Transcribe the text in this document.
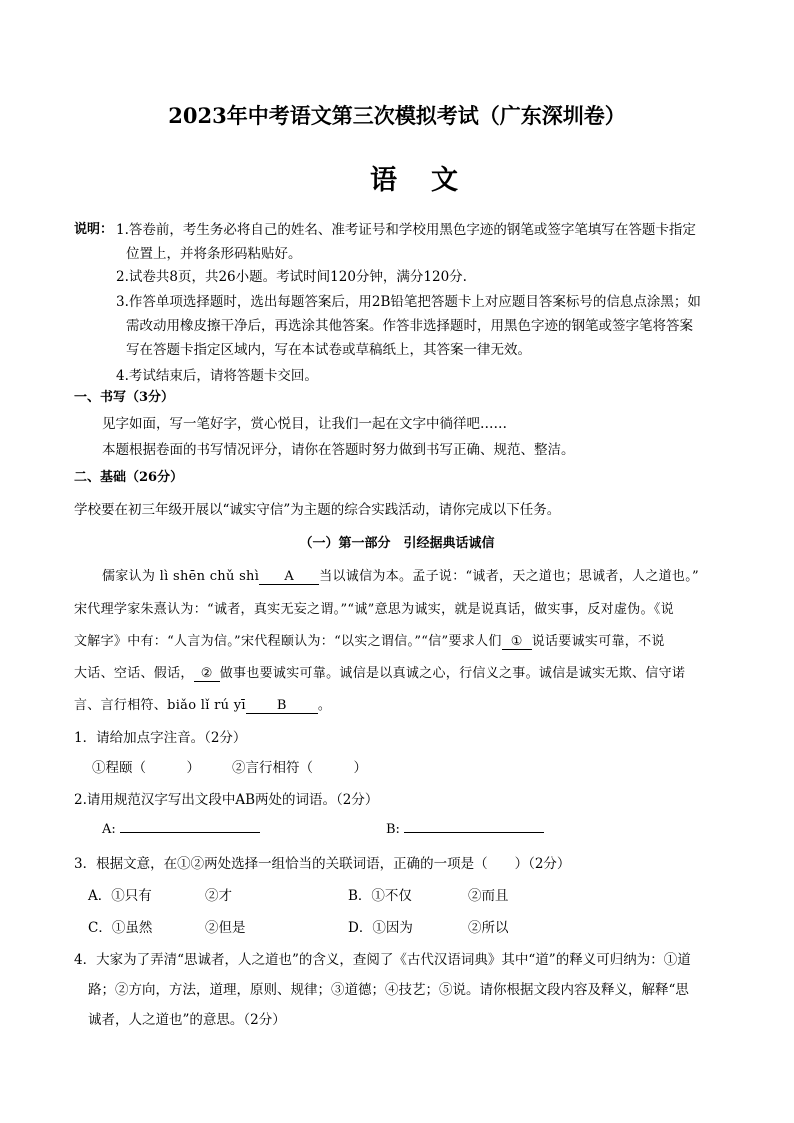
2023年中考语文第三次模拟考试（广东深圳卷）
语文
说明： 1.答卷前，考生务必将自己的姓名、准考证号和学校用黑色字迹的钢笔或签字笔填写在答题卡指定
位置上，并将条形码粘贴好。
2.试卷共8页，共26小题。考试时间120分钟，满分120分.
3.作答单项选择题时，选出每题答案后，用2B铅笔把答题卡上对应题目答案标号的信息点涂黑；如
需改动用橡皮擦干净后，再选涂其他答案。作答非选择题时，用黑色字迹的钢笔或签字笔将答案
写在答题卡指定区域内，写在本试卷或草稿纸上，其答案一律无效。
4.考试结束后，请将答题卡交回。
一、书写（3分）
见字如面，写一笔好字，赏心悦目，让我们一起在文字中徜徉吧……
本题根据卷面的书写情况评分，请你在答题时努力做到书写正确、规范、整洁。
二、基础（26分）
学校要在初三年级开展以“诚实守信”为主题的综合实践活动，请你完成以下任务。
（一）第一部分　引经据典话诚信
儒家认为 lì shēn chǔ shì A 当以诚信为本。孟子说：“诚者，天之道也；思诚者，人之道也。”
宋代理学家朱熹认为：“诚者，真实无妄之谓。”“诚”意思为诚实，就是说真话，做实事，反对虚伪。《说
文解字》中有：“人言为信。”宋代程颐认为：“以实之谓信。”“信”要求人们 ① 说话要诚实可靠，不说
大话、空话、假话， ② 做事也要诚实可靠。诚信是以真诚之心，行信义之事。诚信是诚实无欺、信守诺
言、言行相符、biǎo lǐ rú yī B 。
1．请给加点字注音。（2分）
①程颐（　　　） ②言行相符（　　　）
2.请用规范汉字写出文段中AB两处的词语。（2分）
A:	B:
3．根据文意，在①②两处选择一组恰当的关联词语，正确的一项是（　　）（2分）
A．①只有	②才	B．①不仅	②而且
C．①虽然	②但是	D．①因为	②所以
4．大家为了弄清“思诚者，人之道也”的含义，查阅了《古代汉语词典》其中“道”的释义可归纳为：①道
路；②方向，方法，道理，原则、规律；③道德；④技艺；⑤说。请你根据文段内容及释义，解释“思
诚者，人之道也”的意思。（2分）
